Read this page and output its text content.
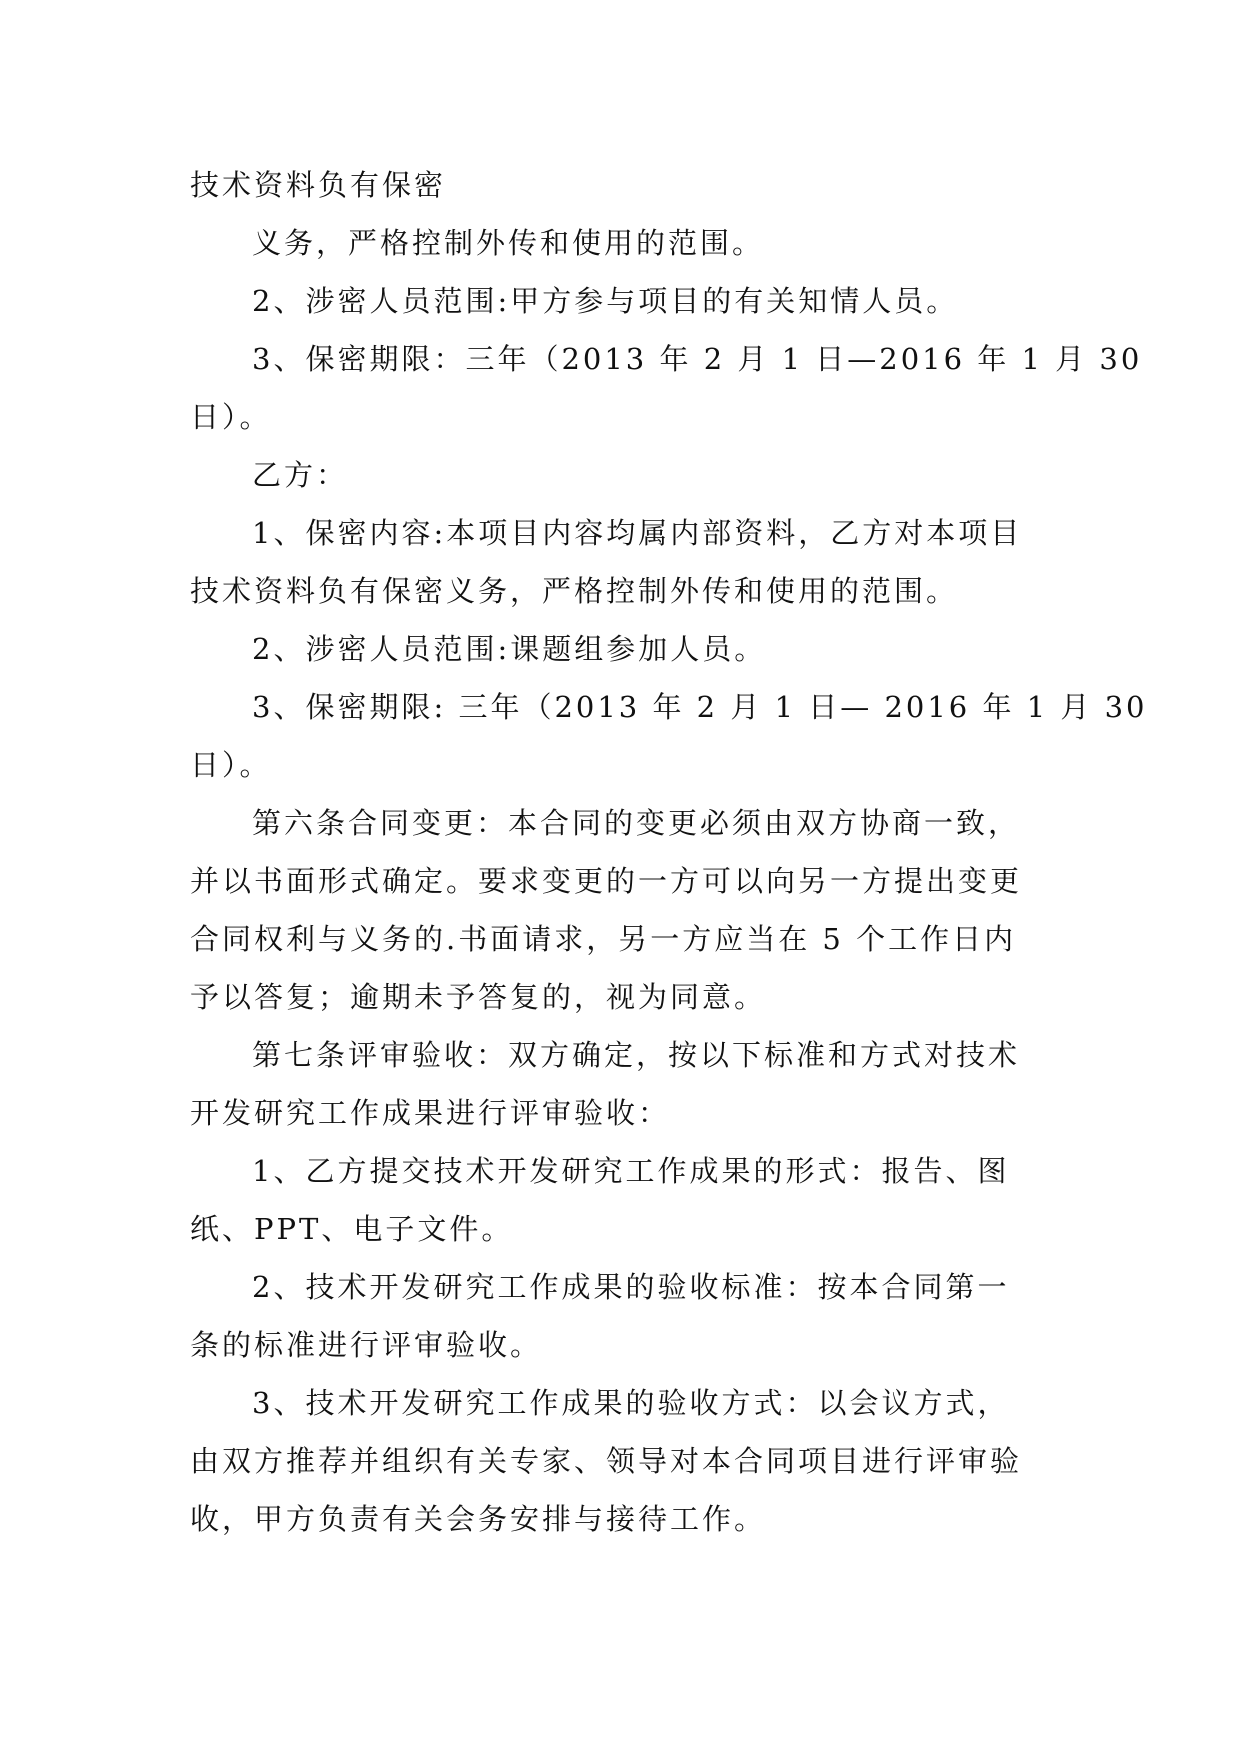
技术资料负有保密

义务，严格控制外传和使用的范围。

2、涉密人员范围:甲方参与项目的有关知情人员。

3、保密期限：三年（2013 年 2 月 1 日—2016 年 1 月 30

日）。

乙方：

1、保密内容:本项目内容均属内部资料，乙方对本项目

技术资料负有保密义务，严格控制外传和使用的范围。

2、涉密人员范围:课题组参加人员。

3、保密期限: 三年（2013 年 2 月 1 日— 2016 年 1 月 30

日）。

第六条合同变更：本合同的变更必须由双方协商一致，

并以书面形式确定。要求变更的一方可以向另一方提出变更

合同权利与义务的.书面请求，另一方应当在 5 个工作日内

予以答复；逾期未予答复的，视为同意。

第七条评审验收：双方确定，按以下标准和方式对技术

开发研究工作成果进行评审验收：

1、乙方提交技术开发研究工作成果的形式：报告、图

纸、PPT、电子文件。

2、技术开发研究工作成果的验收标准：按本合同第一

条的标准进行评审验收。

3、技术开发研究工作成果的验收方式：以会议方式，

由双方推荐并组织有关专家、领导对本合同项目进行评审验

收，甲方负责有关会务安排与接待工作。
